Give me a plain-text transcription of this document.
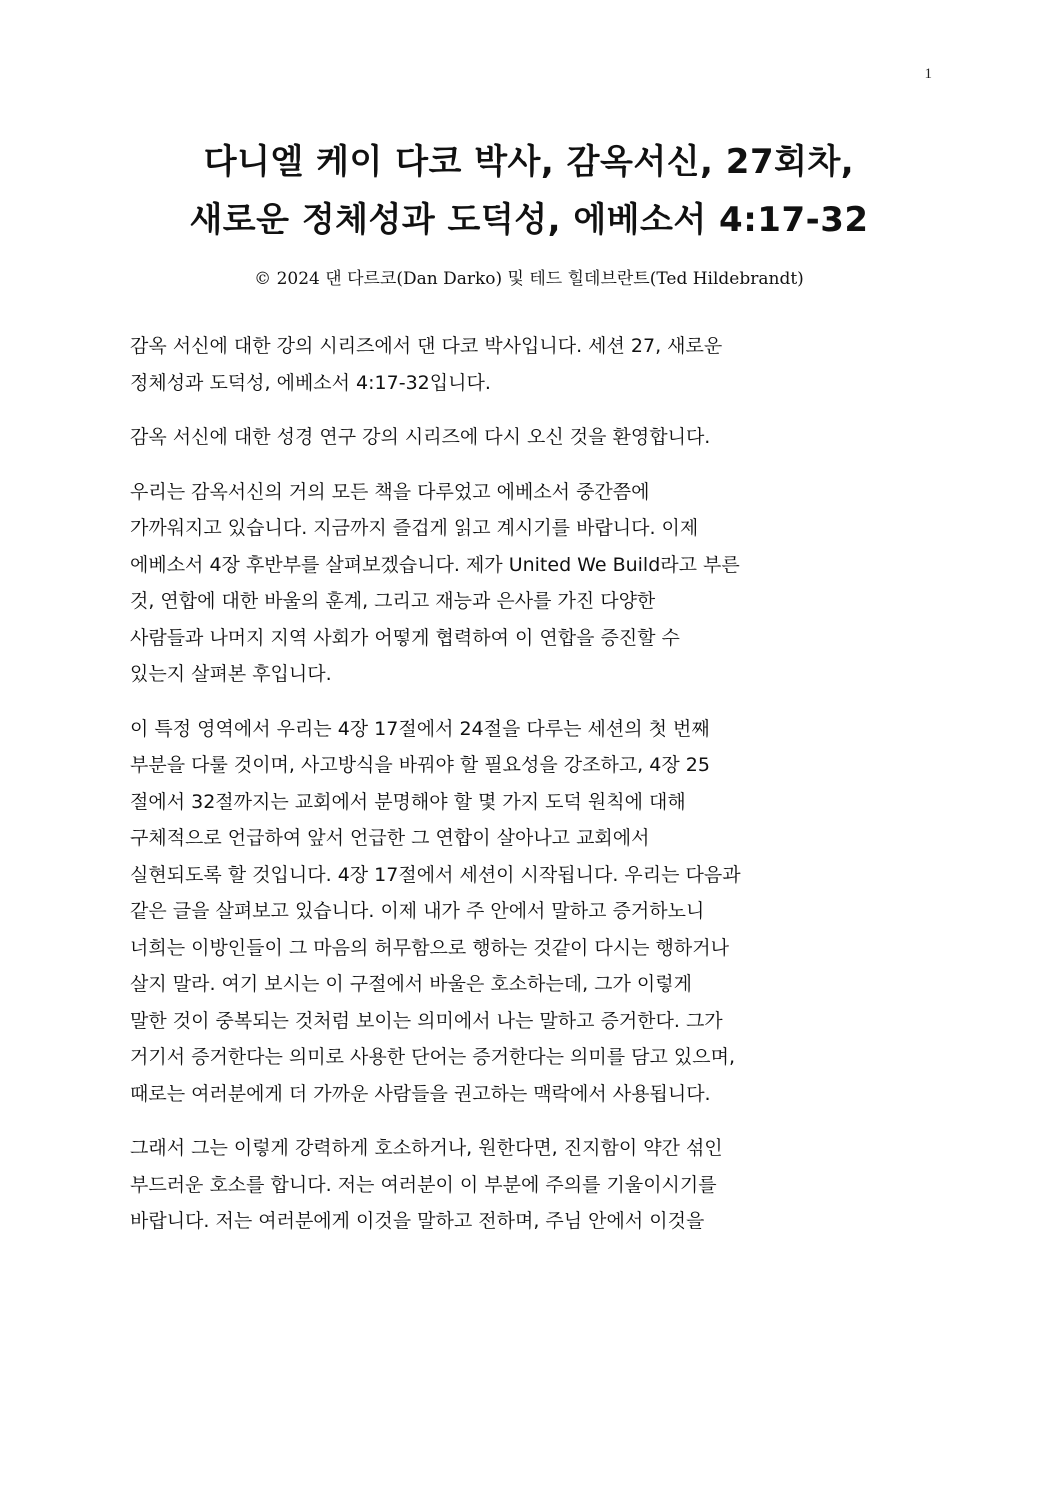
1
다니엘 케이 다코 박사, 감옥서신, 27회차,
새로운 정체성과 도덕성, 에베소서 4:17-32
© 2024 댄 다르코(Dan Darko) 및 테드 힐데브란트(Ted Hildebrandt)

감옥 서신에 대한 강의 시리즈에서 댄 다코 박사입니다. 세션 27, 새로운
정체성과 도덕성, 에베소서 4:17-32입니다.

감옥 서신에 대한 성경 연구 강의 시리즈에 다시 오신 것을 환영합니다.

우리는 감옥서신의 거의 모든 책을 다루었고 에베소서 중간쯤에
가까워지고 있습니다. 지금까지 즐겁게 읽고 계시기를 바랍니다. 이제
에베소서 4장 후반부를 살펴보겠습니다. 제가 United We Build라고 부른
것, 연합에 대한 바울의 훈계, 그리고 재능과 은사를 가진 다양한
사람들과 나머지 지역 사회가 어떻게 협력하여 이 연합을 증진할 수
있는지 살펴본 후입니다.

이 특정 영역에서 우리는 4장 17절에서 24절을 다루는 세션의 첫 번째
부분을 다룰 것이며, 사고방식을 바꿔야 할 필요성을 강조하고, 4장 25
절에서 32절까지는 교회에서 분명해야 할 몇 가지 도덕 원칙에 대해
구체적으로 언급하여 앞서 언급한 그 연합이 살아나고 교회에서
실현되도록 할 것입니다. 4장 17절에서 세션이 시작됩니다. 우리는 다음과
같은 글을 살펴보고 있습니다. 이제 내가 주 안에서 말하고 증거하노니
너희는 이방인들이 그 마음의 허무함으로 행하는 것같이 다시는 행하거나
살지 말라. 여기 보시는 이 구절에서 바울은 호소하는데, 그가 이렇게
말한 것이 중복되는 것처럼 보이는 의미에서 나는 말하고 증거한다. 그가
거기서 증거한다는 의미로 사용한 단어는 증거한다는 의미를 담고 있으며,
때로는 여러분에게 더 가까운 사람들을 권고하는 맥락에서 사용됩니다.

그래서 그는 이렇게 강력하게 호소하거나, 원한다면, 진지함이 약간 섞인
부드러운 호소를 합니다. 저는 여러분이 이 부분에 주의를 기울이시기를
바랍니다. 저는 여러분에게 이것을 말하고 전하며, 주님 안에서 이것을
